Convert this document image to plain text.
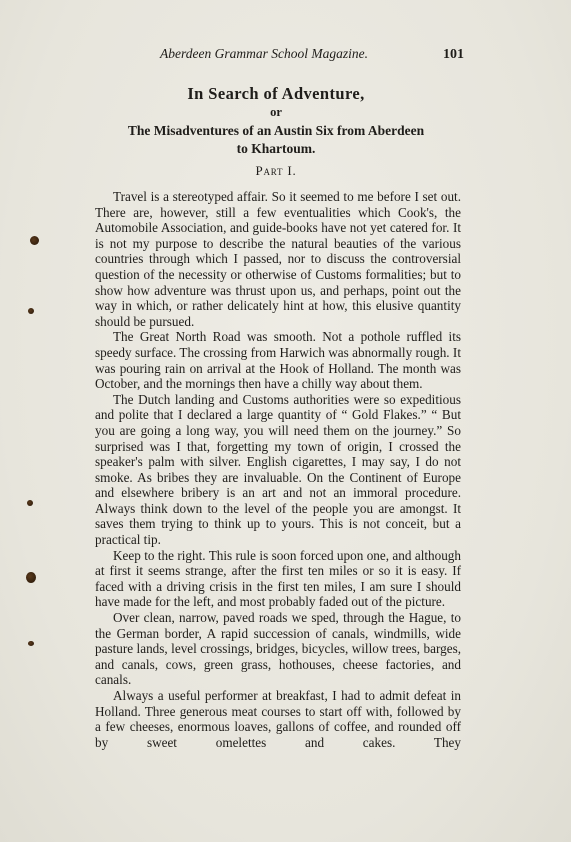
Aberdeen Grammar School Magazine.	101
In Search of Adventure,
or
The Misadventures of an Austin Six from Aberdeen
to Khartoum.
Part I.

Travel is a stereotyped affair. So it seemed to me before I set out. There are, however, still a few eventualities which Cook's, the Automobile Association, and guide-books have not yet catered for. It is not my purpose to describe the natural beauties of the various countries through which I passed, nor to discuss the controversial question of the necessity or otherwise of Customs formalities; but to show how adventure was thrust upon us, and perhaps, point out the way in which, or rather delicately hint at how, this elusive quantity should be pursued.

The Great North Road was smooth. Not a pothole ruffled its speedy surface. The crossing from Harwich was abnormally rough. It was pouring rain on arrival at the Hook of Holland. The month was October, and the mornings then have a chilly way about them.

The Dutch landing and Customs authorities were so expeditious and polite that I declared a large quantity of “ Gold Flakes.” “ But you are going a long way, you will need them on the journey.” So surprised was I that, forgetting my town of origin, I crossed the speaker's palm with silver. English cigarettes, I may say, I do not smoke. As bribes they are invaluable. On the Continent of Europe and elsewhere bribery is an art and not an immoral procedure. Always think down to the level of the people you are amongst. It saves them trying to think up to yours. This is not conceit, but a practical tip.

Keep to the right. This rule is soon forced upon one, and although at first it seems strange, after the first ten miles or so it is easy. If faced with a driving crisis in the first ten miles, I am sure I should have made for the left, and most probably faded out of the picture.

Over clean, narrow, paved roads we sped, through the Hague, to the German border, A rapid succession of canals, windmills, wide pasture lands, level crossings, bridges, bicycles, willow trees, barges, and canals, cows, green grass, hothouses, cheese factories, and canals.

Always a useful performer at breakfast, I had to admit defeat in Holland. Three generous meat courses to start off with, followed by a few cheeses, enormous loaves, gallons of coffee, and rounded off by sweet omelettes and cakes. They
